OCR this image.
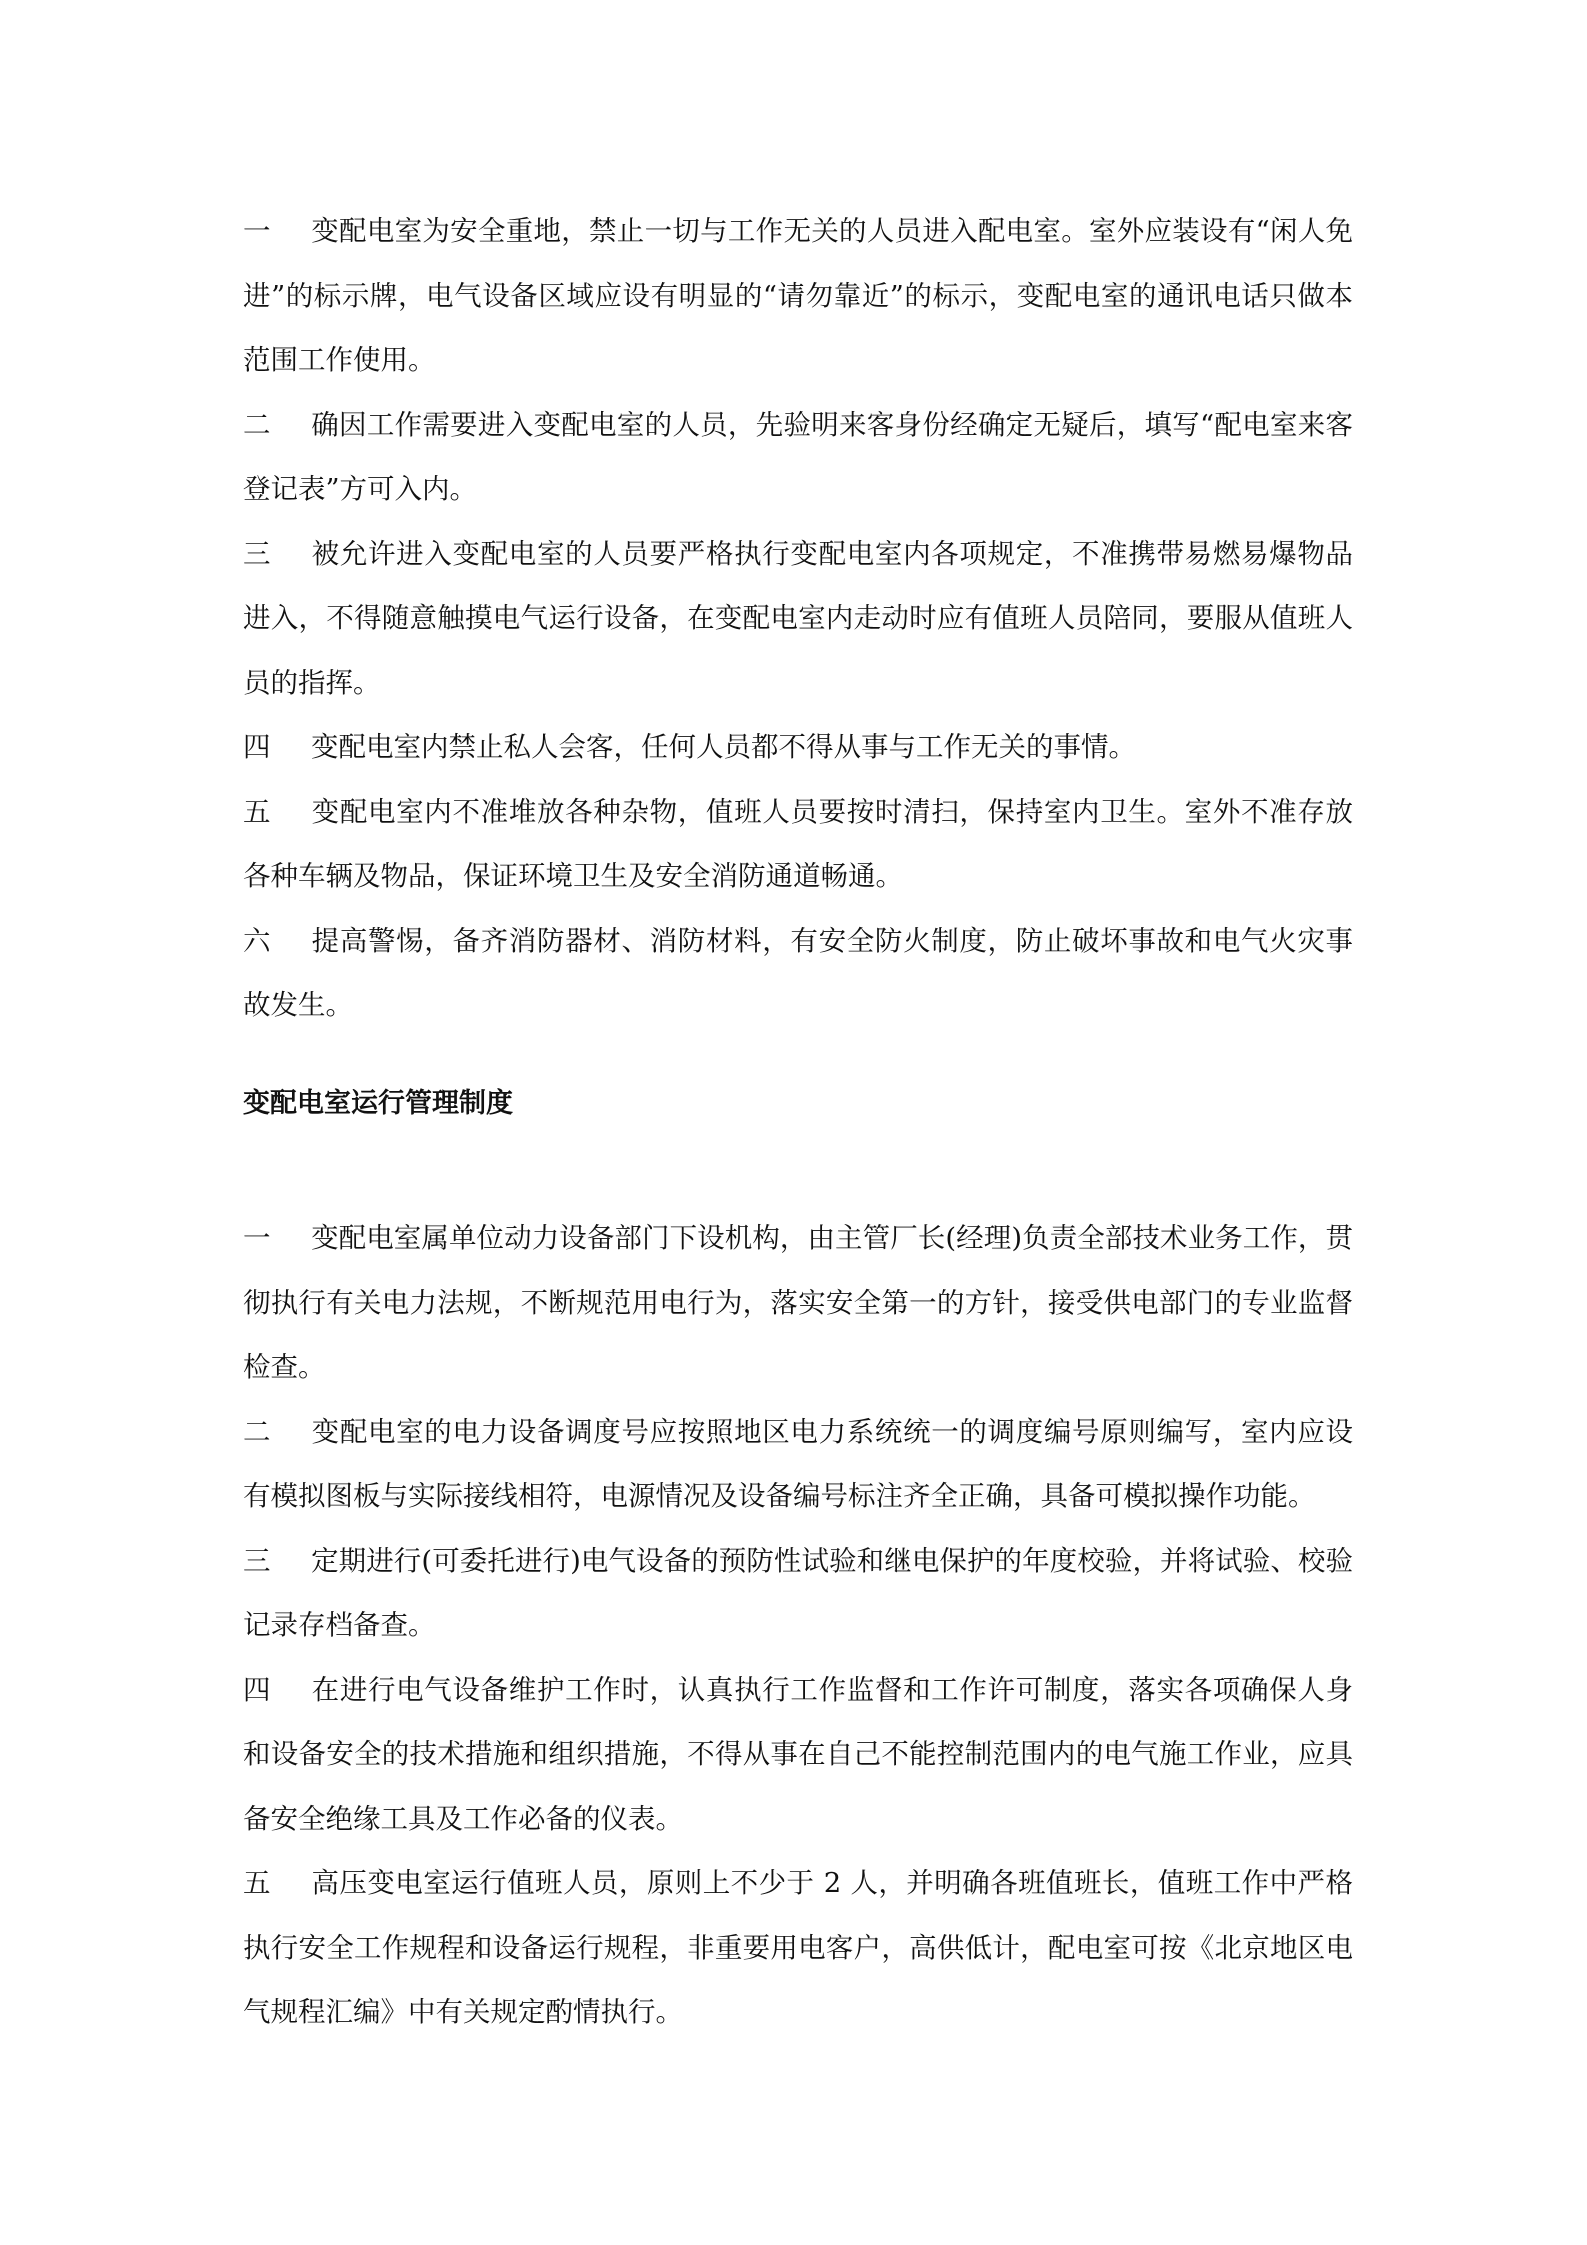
一 变配电室为安全重地，禁止一切与工作无关的人员进入配电室。室外应装设有“闲人免进”的标示牌，电气设备区域应设有明显的“请勿靠近”的标示，变配电室的通讯电话只做本范围工作使用。

二 确因工作需要进入变配电室的人员，先验明来客身份经确定无疑后，填写“配电室来客登记表”方可入内。

三 被允许进入变配电室的人员要严格执行变配电室内各项规定，不准携带易燃易爆物品进入，不得随意触摸电气运行设备，在变配电室内走动时应有值班人员陪同，要服从值班人员的指挥。

四 变配电室内禁止私人会客，任何人员都不得从事与工作无关的事情。

五 变配电室内不准堆放各种杂物，值班人员要按时清扫，保持室内卫生。室外不准存放各种车辆及物品，保证环境卫生及安全消防通道畅通。

六 提高警惕，备齐消防器材、消防材料，有安全防火制度，防止破坏事故和电气火灾事故发生。

变配电室运行管理制度

一 变配电室属单位动力设备部门下设机构，由主管厂长(经理)负责全部技术业务工作，贯彻执行有关电力法规，不断规范用电行为，落实安全第一的方针，接受供电部门的专业监督检查。

二 变配电室的电力设备调度号应按照地区电力系统统一的调度编号原则编写，室内应设有模拟图板与实际接线相符，电源情况及设备编号标注齐全正确，具备可模拟操作功能。

三 定期进行(可委托进行)电气设备的预防性试验和继电保护的年度校验，并将试验、校验记录存档备查。

四 在进行电气设备维护工作时，认真执行工作监督和工作许可制度，落实各项确保人身和设备安全的技术措施和组织措施，不得从事在自己不能控制范围内的电气施工作业，应具备安全绝缘工具及工作必备的仪表。

五 高压变电室运行值班人员，原则上不少于 2 人，并明确各班值班长，值班工作中严格执行安全工作规程和设备运行规程，非重要用电客户，高供低计，配电室可按《北京地区电气规程汇编》中有关规定酌情执行。
